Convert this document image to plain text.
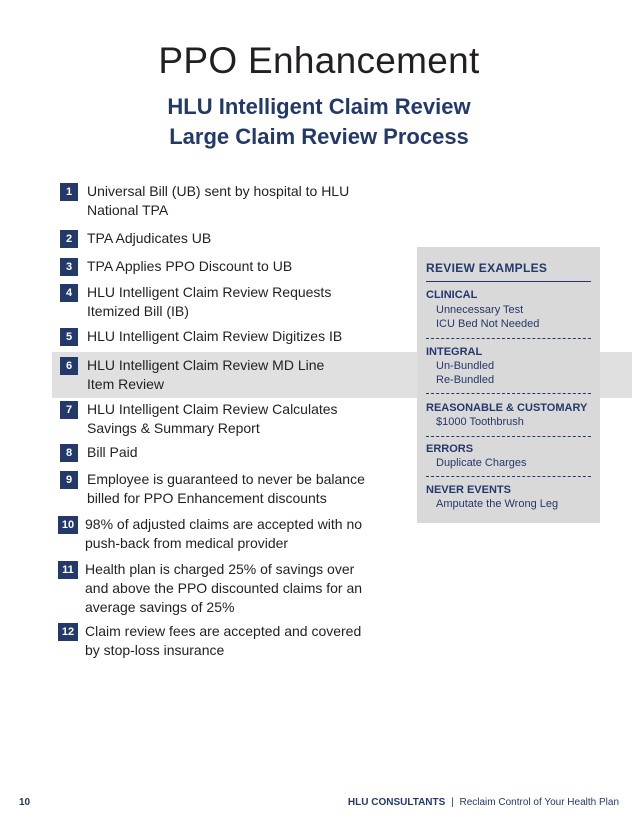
PPO Enhancement
HLU Intelligent Claim Review
Large Claim Review Process
1	Universal Bill (UB) sent by hospital to HLU
National TPA
2	TPA Adjudicates UB
3	TPA Applies PPO Discount to UB
4	HLU Intelligent Claim Review Requests
Itemized Bill (IB)
5	HLU Intelligent Claim Review Digitizes IB
6	HLU Intelligent Claim Review MD Line
Item Review
7	HLU Intelligent Claim Review Calculates
Savings & Summary Report
8	Bill Paid
9	Employee is guaranteed to never be balance
billed for PPO Enhancement discounts
10 98% of adjusted claims are accepted with no
push-back from medical provider
11 Health plan is charged 25% of savings over
and above the PPO discounted claims for an
average savings of 25%
12 Claim review fees are accepted and covered
by stop-loss insurance
REVIEW EXAMPLES
CLINICAL
Unnecessary Test
ICU Bed Not Needed
INTEGRAL
Un-Bundled
Re-Bundled
REASONABLE & CUSTOMARY
$1000 Toothbrush
ERRORS
Duplicate Charges
NEVER EVENTS
Amputate the Wrong Leg
10	HLU CONSULTANTS | Reclaim Control of Your Health Plan
